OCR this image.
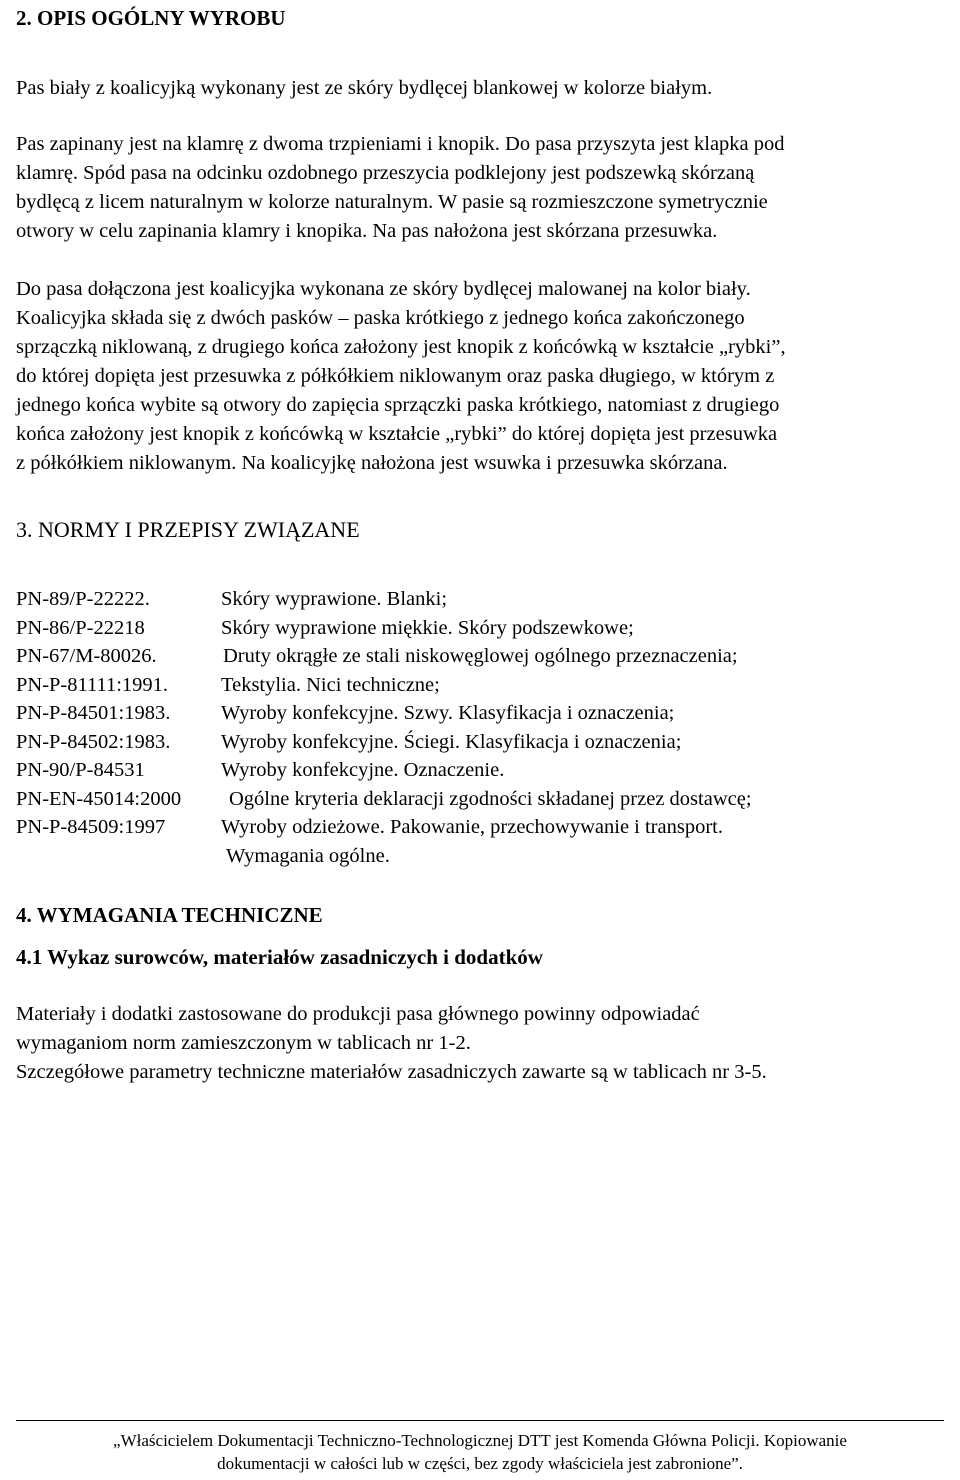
2. OPIS OGÓLNY WYROBU
Pas biały z koalicyjką wykonany jest ze skóry bydlęcej blankowej w kolorze białym.
Pas zapinany jest na klamrę z dwoma trzpieniami i knopik. Do pasa przyszyta jest klapka pod
klamrę. Spód pasa na odcinku ozdobnego przeszycia podklejony jest podszewką skórzaną
bydlęcą z licem naturalnym w kolorze naturalnym. W pasie są rozmieszczone symetrycznie
otwory w celu zapinania klamry i knopika. Na pas nałożona jest skórzana przesuwka.
Do pasa dołączona jest koalicyjka wykonana ze skóry bydlęcej malowanej na kolor biały.
Koalicyjka składa się z dwóch pasków – paska krótkiego z jednego końca zakończonego
sprzączką niklowaną, z drugiego końca założony jest knopik z końcówką w kształcie „rybki”,
do której dopięta jest przesuwka z półkółkiem niklowanym oraz paska długiego, w którym z
jednego końca wybite są otwory do zapięcia sprzączki paska krótkiego, natomiast z drugiego
końca założony jest knopik z końcówką w kształcie „rybki” do której dopięta jest przesuwka
z półkółkiem niklowanym. Na koalicyjkę nałożona jest wsuwka i przesuwka skórzana.
3. NORMY I PRZEPISY ZWIĄZANE
PN-89/P-22222.	Skóry wyprawione. Blanki;
PN-86/P-22218	Skóry wyprawione miękkie. Skóry podszewkowe;
PN-67/M-80026.	Druty okrągłe ze stali niskowęglowej ogólnego przeznaczenia;
PN-P-81111:1991.	Tekstylia. Nici techniczne;
PN-P-84501:1983. Wyroby konfekcyjne. Szwy. Klasyfikacja i oznaczenia;
PN-P-84502:1983. Wyroby konfekcyjne. Ściegi. Klasyfikacja i oznaczenia;
PN-90/P-84531	Wyroby konfekcyjne. Oznaczenie.
PN-EN-45014:2000 Ogólne kryteria deklaracji zgodności składanej przez dostawcę;
PN-P-84509:1997	Wyroby odzieżowe. Pakowanie, przechowywanie i transport.
Wymagania ogólne.
4. WYMAGANIA TECHNICZNE
4.1 Wykaz surowców, materiałów zasadniczych i dodatków
Materiały i dodatki zastosowane do produkcji pasa głównego powinny odpowiadać
wymaganiom norm zamieszczonym w tablicach nr 1-2.
Szczegółowe parametry techniczne materiałów zasadniczych zawarte są w tablicach nr 3-5.
„Właścicielem Dokumentacji Techniczno-Technologicznej DTT jest Komenda Główna Policji. Kopiowanie
dokumentacji w całości lub w części, bez zgody właściciela jest zabronione”.
